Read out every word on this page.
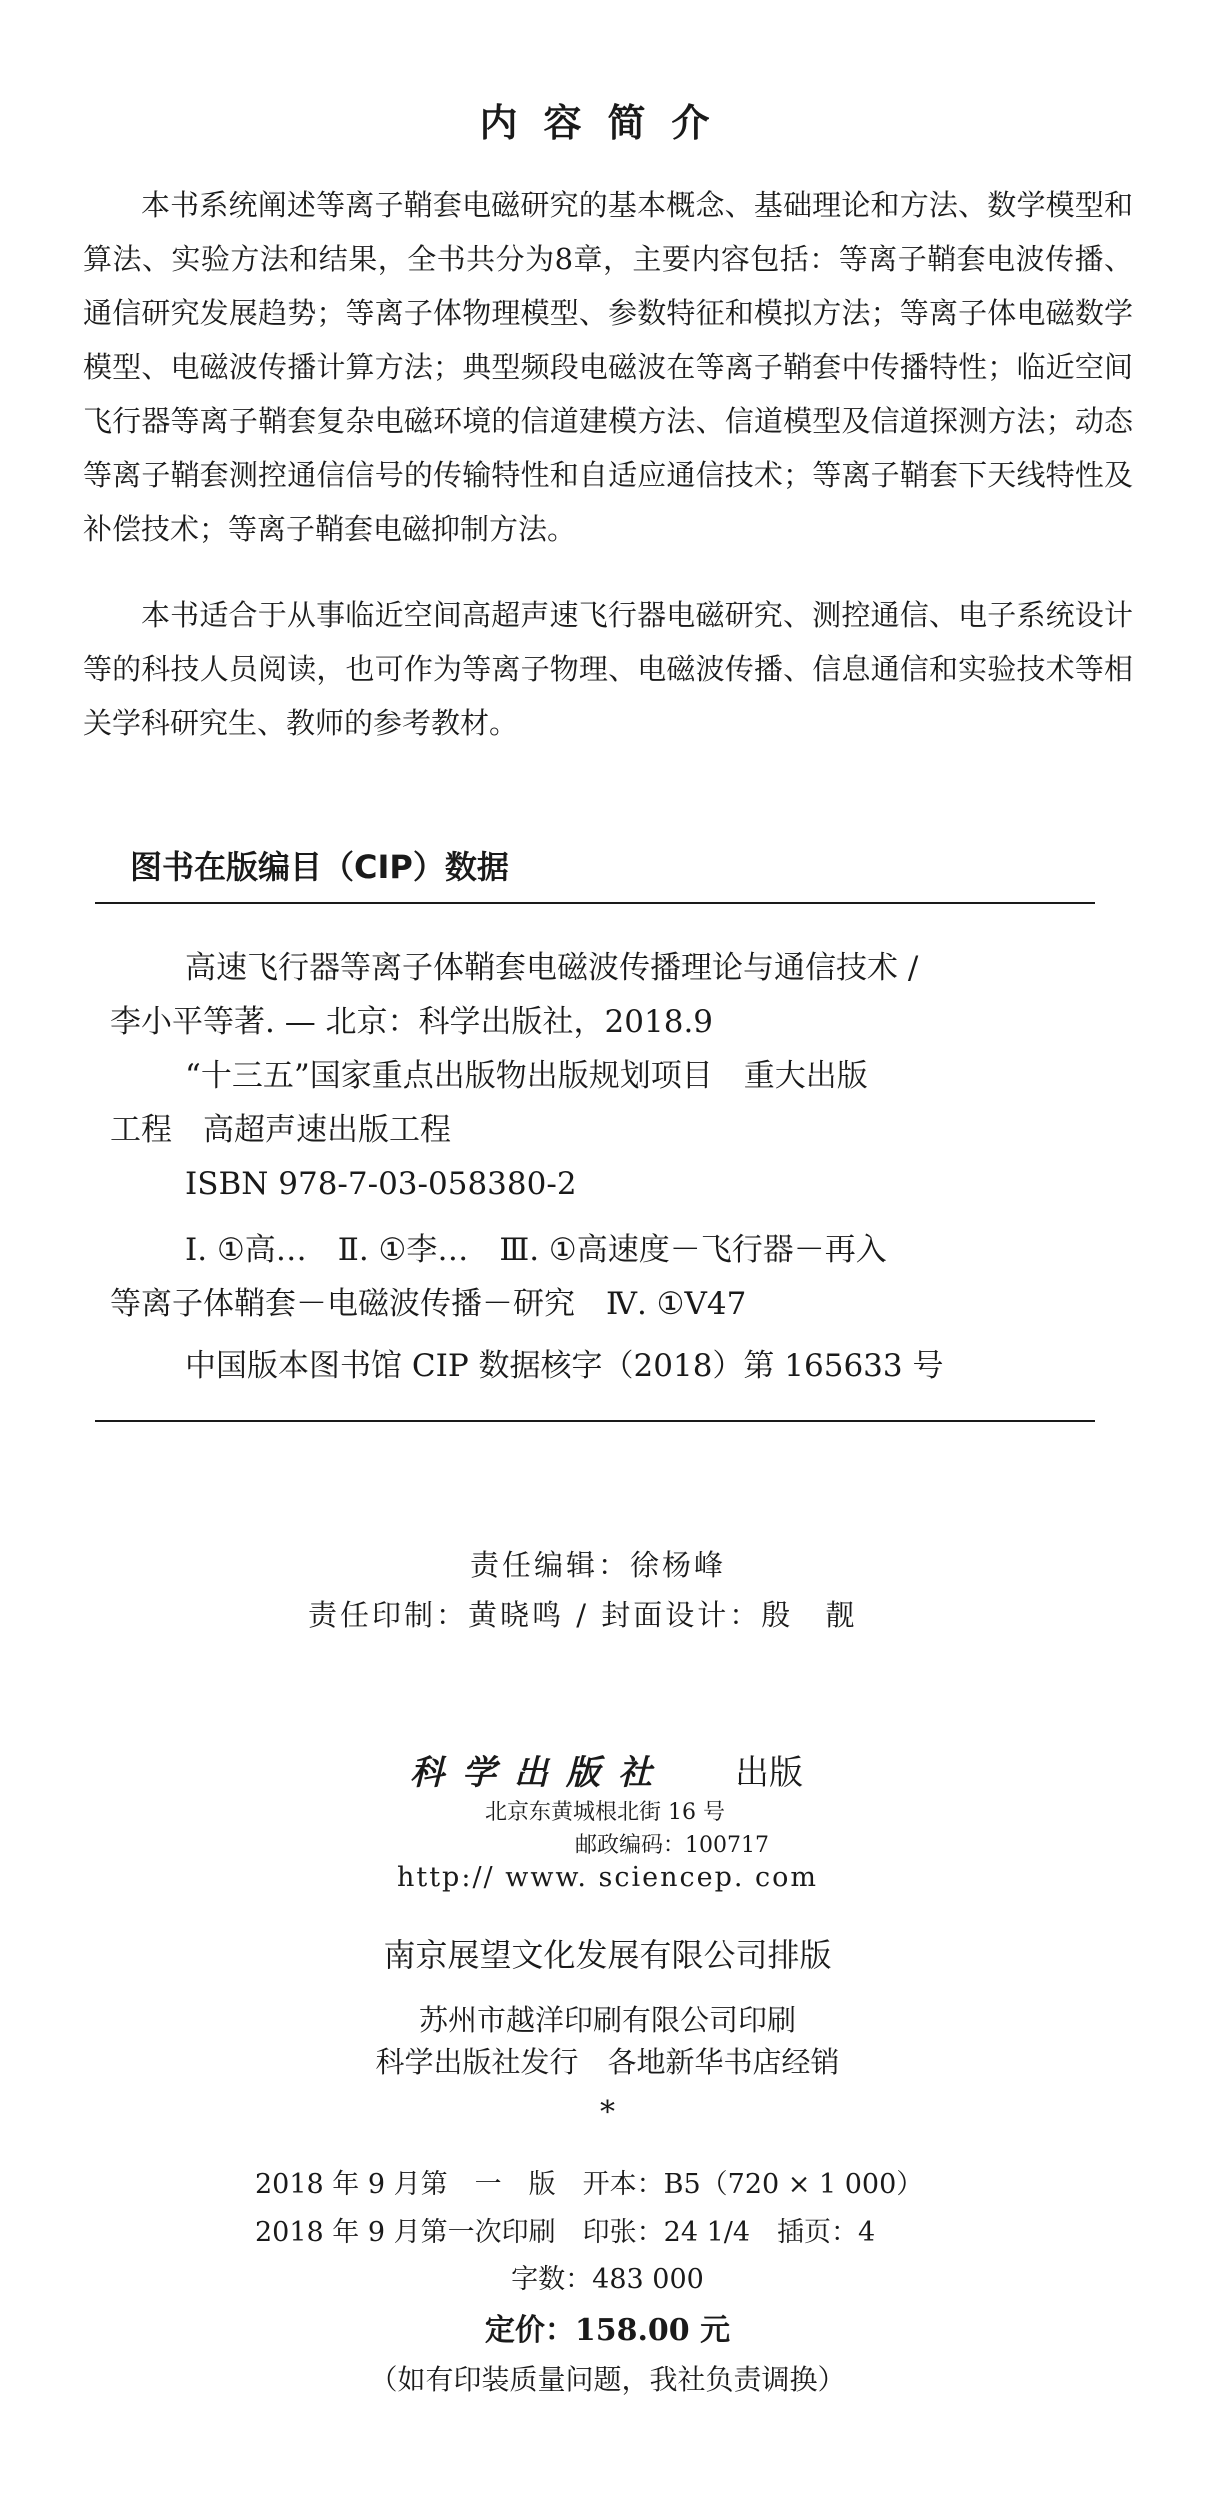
内容简介

本书系统阐述等离子鞘套电磁研究的基本概念、基础理论和方法、数学模型和算法、实验方法和结果，全书共分为8章，主要内容包括：等离子鞘套电波传播、通信研究发展趋势；等离子体物理模型、参数特征和模拟方法；等离子体电磁数学模型、电磁波传播计算方法；典型频段电磁波在等离子鞘套中传播特性；临近空间飞行器等离子鞘套复杂电磁环境的信道建模方法、信道模型及信道探测方法；动态等离子鞘套测控通信信号的传输特性和自适应通信技术；等离子鞘套下天线特性及补偿技术；等离子鞘套电磁抑制方法。

本书适合于从事临近空间高超声速飞行器电磁研究、测控通信、电子系统设计等的科技人员阅读，也可作为等离子物理、电磁波传播、信息通信和实验技术等相关学科研究生、教师的参考教材。

图书在版编目（CIP）数据
高速飞行器等离子体鞘套电磁波传播理论与通信技术 /
李小平等著. — 北京：科学出版社，2018.9
“十三五”国家重点出版物出版规划项目　重大出版
工程　高超声速出版工程
ISBN 978-7-03-058380-2
Ⅰ. ①高…　Ⅱ. ①李…　Ⅲ. ①高速度－飞行器－再入
等离子体鞘套－电磁波传播－研究　Ⅳ. ①V47
中国版本图书馆 CIP 数据核字（2018）第 165633 号
责任编辑：徐杨峰
责任印制：黄晓鸣 / 封面设计：殷　靓
科学出版社 出版
北京东黄城根北街 16 号
邮政编码：100717
http:// www. sciencep. com
南京展望文化发展有限公司排版
苏州市越洋印刷有限公司印刷
科学出版社发行　各地新华书店经销
*
2018 年 9 月第　一　版　开本：B5（720 × 1 000）
2018 年 9 月第一次印刷　印张：24 1/4　插页：4
字数：483 000
定价：158.00 元
（如有印装质量问题，我社负责调换）
